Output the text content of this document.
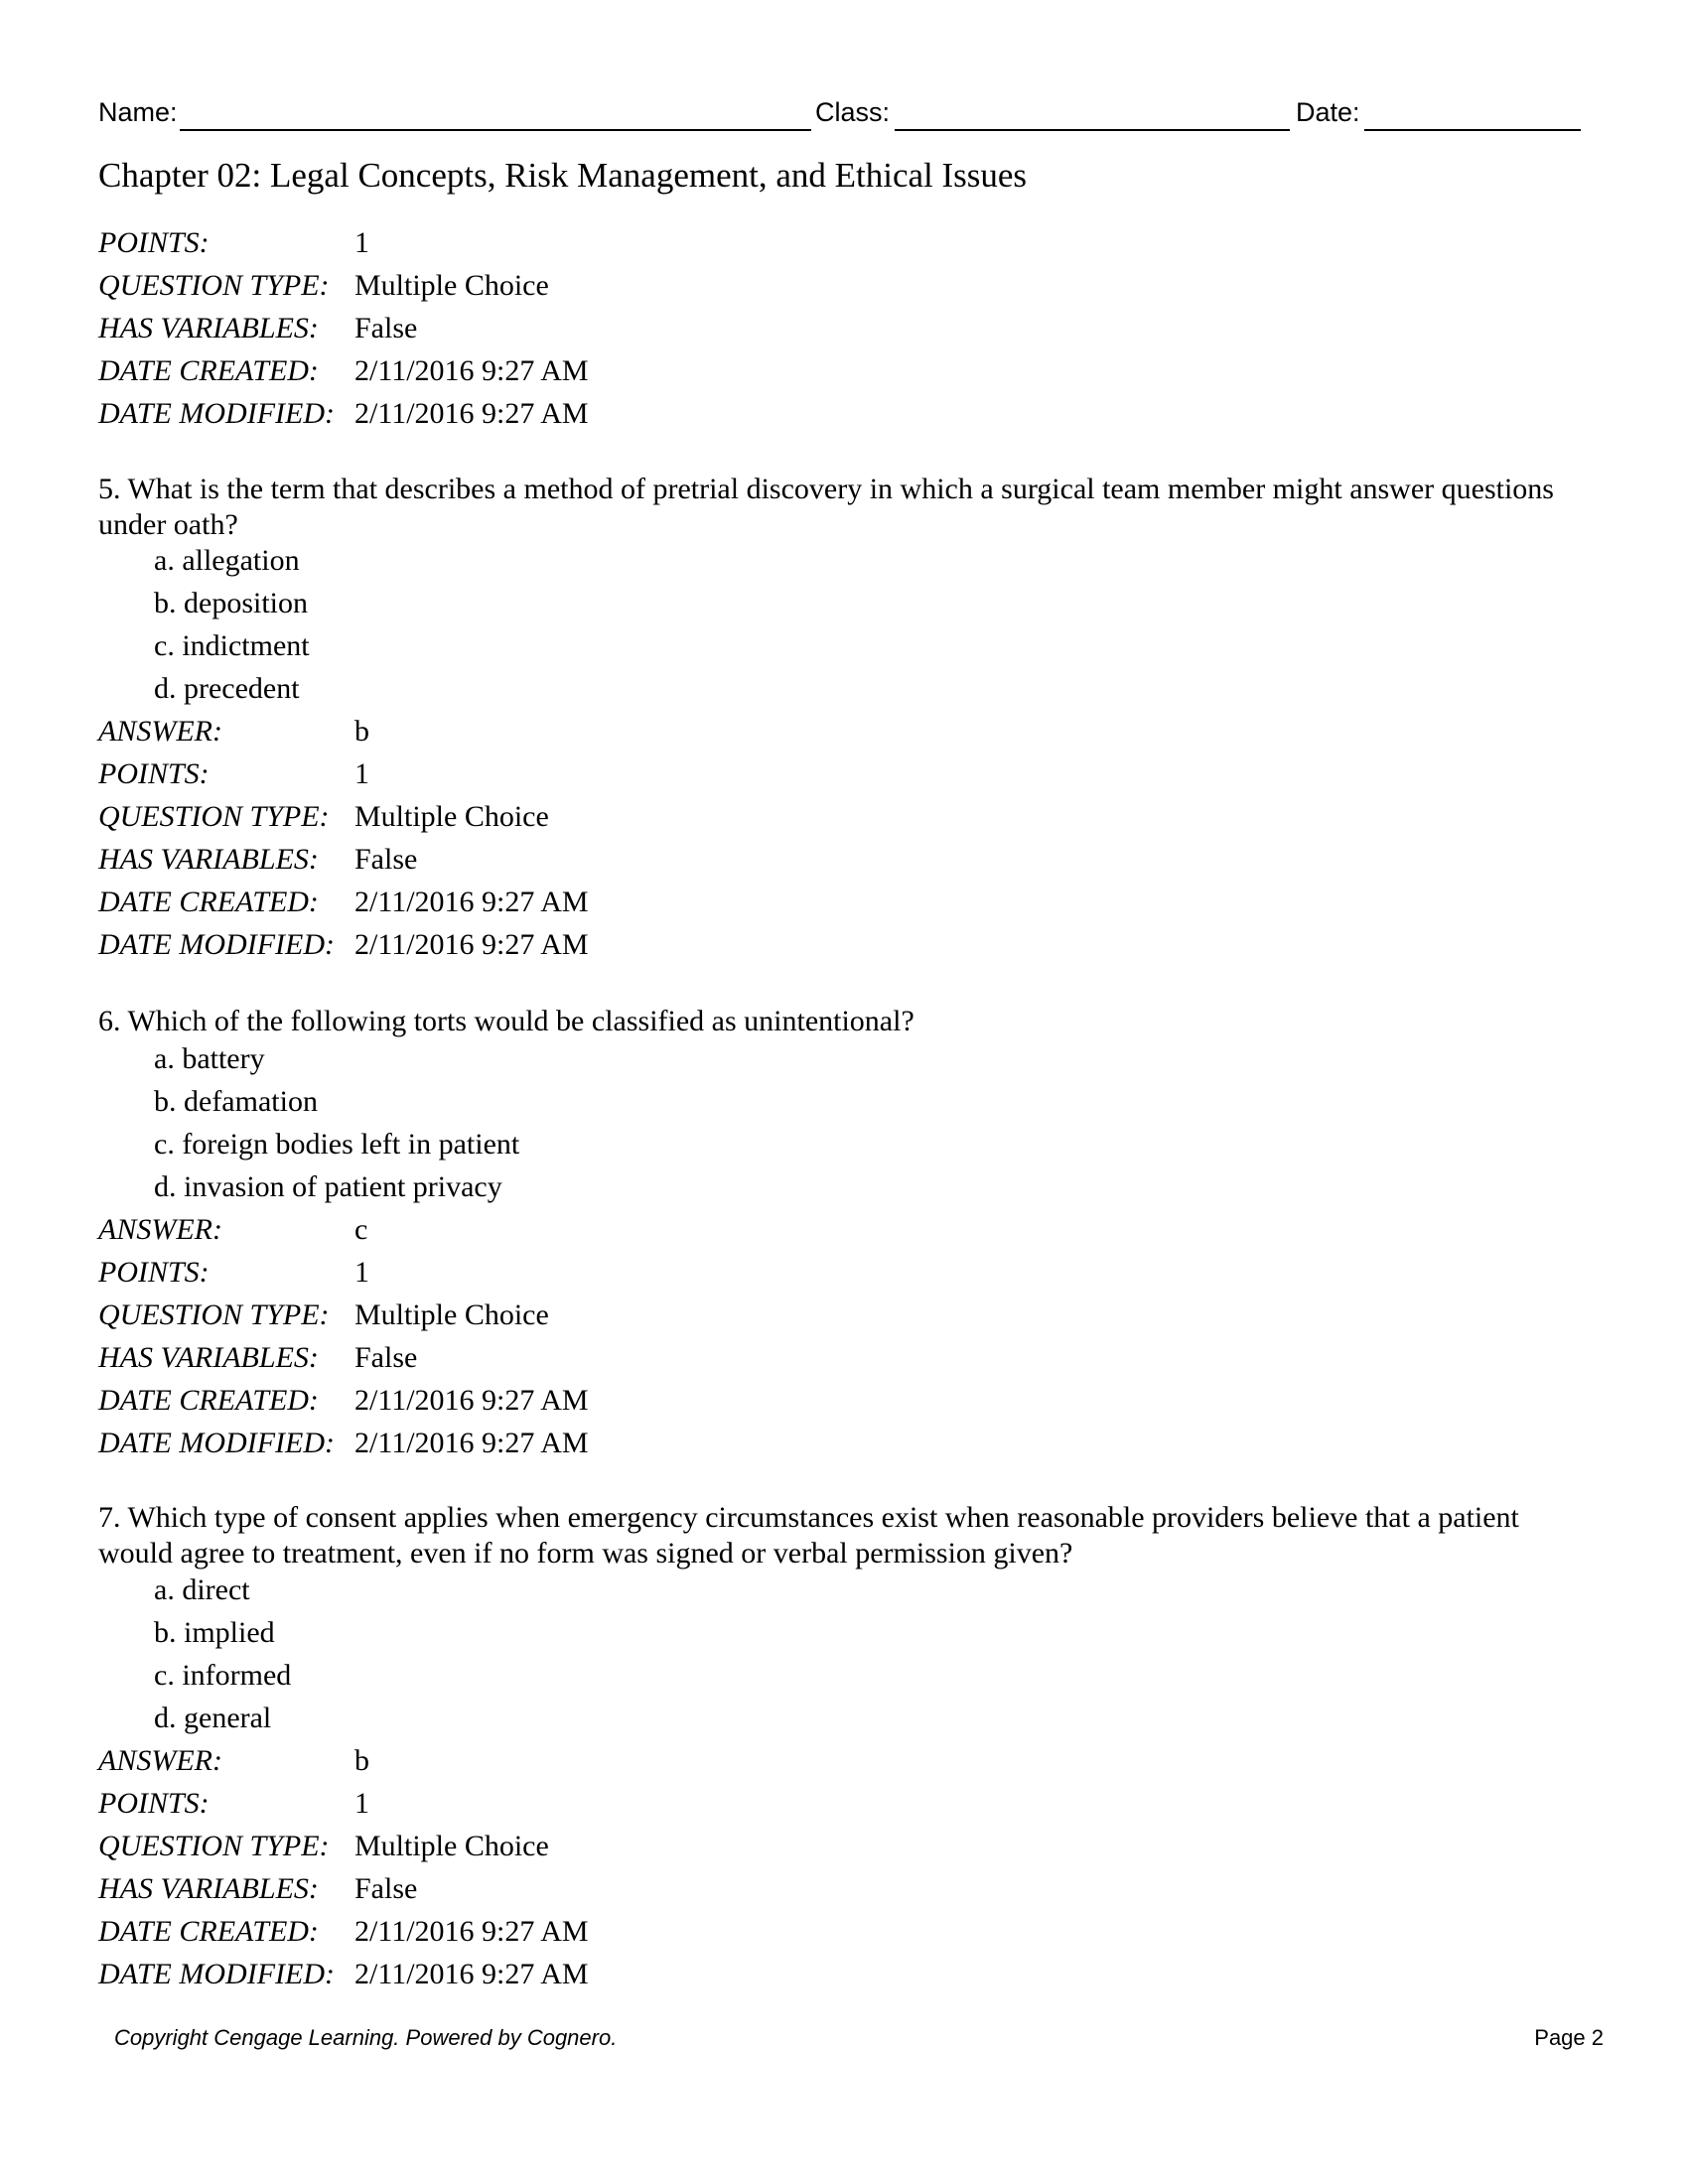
Name:	Class:	Date:
Chapter 02: Legal Concepts, Risk Management, and Ethical Issues
POINTS:	1
QUESTION TYPE: Multiple Choice
HAS VARIABLES: False
DATE CREATED: 2/11/2016 9:27 AM
DATE MODIFIED: 2/11/2016 9:27 AM
5. What is the term that describes a method of pretrial discovery in which a surgical team member might answer questions under oath?
a. allegation
b. deposition
c. indictment
d. precedent
ANSWER:	b
POINTS:	1
QUESTION TYPE: Multiple Choice
HAS VARIABLES: False
DATE CREATED: 2/11/2016 9:27 AM
DATE MODIFIED: 2/11/2016 9:27 AM
6. Which of the following torts would be classified as unintentional?
a. battery
b. defamation
c. foreign bodies left in patient
d. invasion of patient privacy
ANSWER:	c
POINTS:	1
QUESTION TYPE: Multiple Choice
HAS VARIABLES: False
DATE CREATED: 2/11/2016 9:27 AM
DATE MODIFIED: 2/11/2016 9:27 AM
7. Which type of consent applies when emergency circumstances exist when reasonable providers believe that a patient would agree to treatment, even if no form was signed or verbal permission given?
a. direct
b. implied
c. informed
d. general
ANSWER:	b
POINTS:	1
QUESTION TYPE: Multiple Choice
HAS VARIABLES: False
DATE CREATED: 2/11/2016 9:27 AM
DATE MODIFIED: 2/11/2016 9:27 AM
Copyright Cengage Learning. Powered by Cognero.	Page 2
